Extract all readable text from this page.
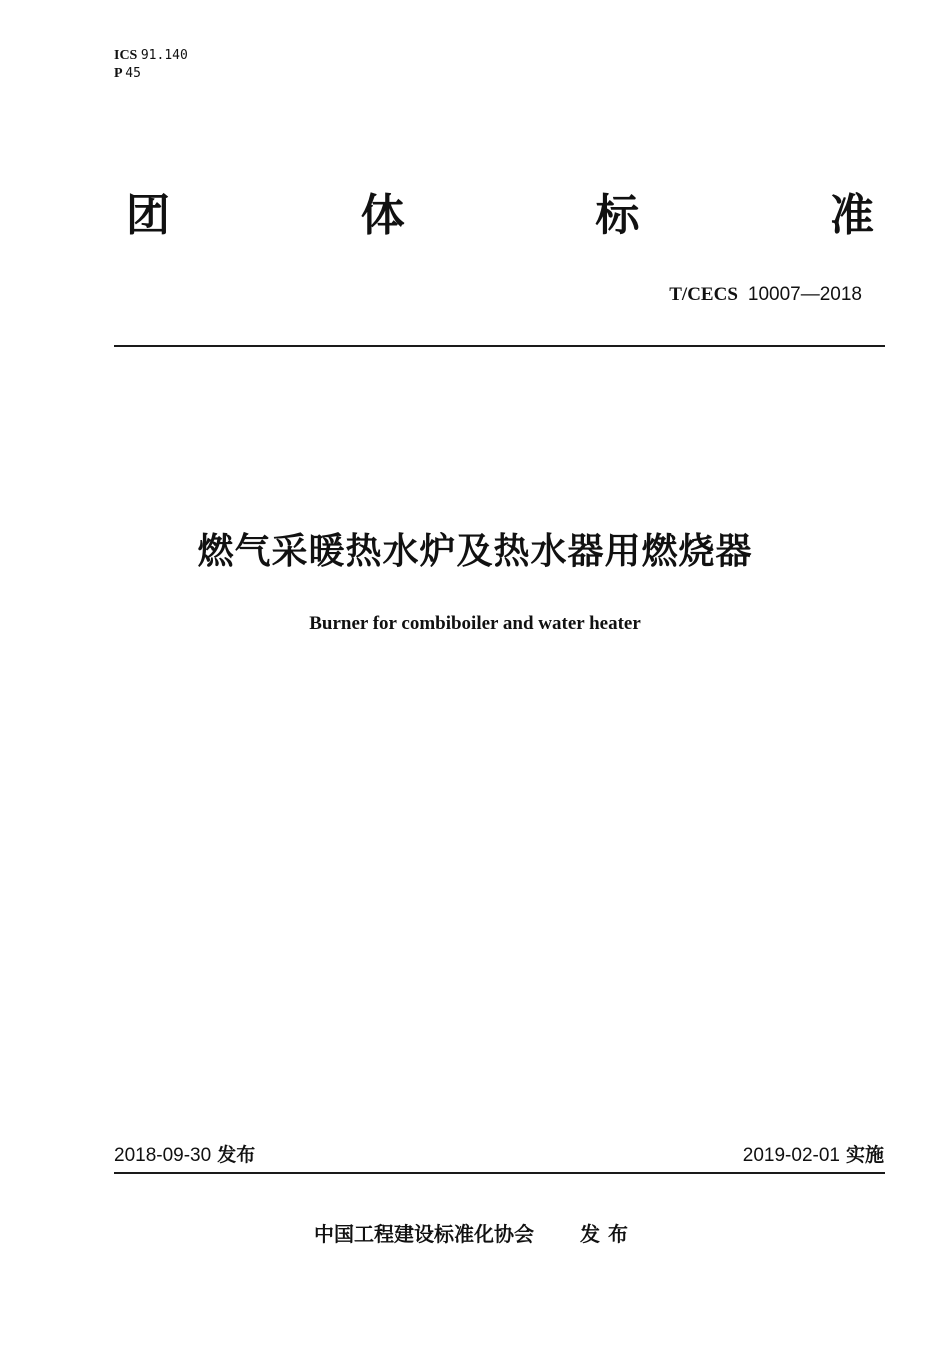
ICS 91.140
P 45
团	体	标	准
T/CECS 10007—2018
燃气采暖热水炉及热水器用燃烧器
Burner for combiboiler and water heater
2018-09-30 发布	2019-02-01 实施
中国工程建设标准化协会 发布
